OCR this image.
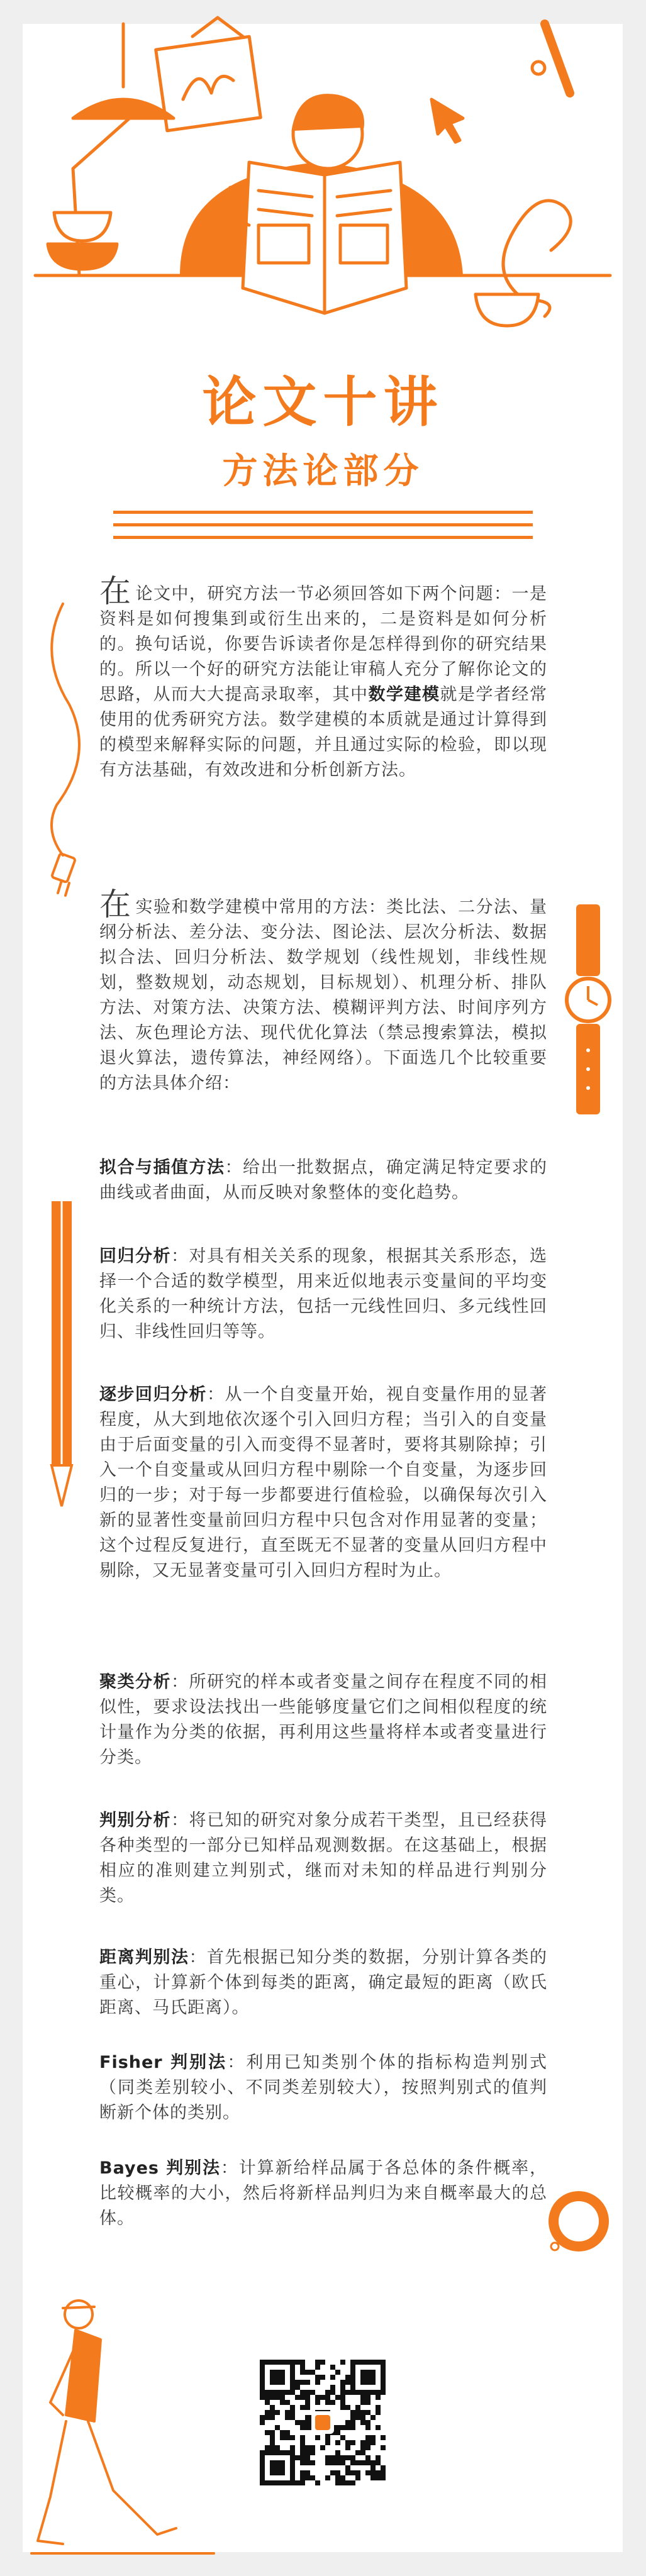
论文十讲
方法论部分

在论文中，研究方法一节必须回答如下两个问题：一是资料是如何搜集到或衍生出来的，二是资料是如何分析的。换句话说，你要告诉读者你是怎样得到你的研究结果的。所以一个好的研究方法能让审稿人充分了解你论文的思路，从而大大提高录取率，其中数学建模就是学者经常使用的优秀研究方法。数学建模的本质就是通过计算得到的模型来解释实际的问题，并且通过实际的检验，即以现有方法基础，有效改进和分析创新方法。

在实验和数学建模中常用的方法：类比法、二分法、量纲分析法、差分法、变分法、图论法、层次分析法、数据拟合法、回归分析法、数学规划（线性规划，非线性规划，整数规划，动态规划，目标规划）、机理分析、排队方法、对策方法、决策方法、模糊评判方法、时间序列方法、灰色理论方法、现代优化算法（禁忌搜索算法，模拟退火算法，遗传算法，神经网络）。下面选几个比较重要的方法具体介绍：

拟合与插值方法：给出一批数据点，确定满足特定要求的曲线或者曲面，从而反映对象整体的变化趋势。

回归分析：对具有相关关系的现象，根据其关系形态，选择一个合适的数学模型，用来近似地表示变量间的平均变化关系的一种统计方法，包括一元线性回归、多元线性回归、非线性回归等等。

逐步回归分析：从一个自变量开始，视自变量作用的显著程度，从大到地依次逐个引入回归方程；当引入的自变量由于后面变量的引入而变得不显著时，要将其剔除掉；引入一个自变量或从回归方程中剔除一个自变量，为逐步回归的一步；对于每一步都要进行值检验，以确保每次引入新的显著性变量前回归方程中只包含对作用显著的变量；这个过程反复进行，直至既无不显著的变量从回归方程中剔除，又无显著变量可引入回归方程时为止。

聚类分析：所研究的样本或者变量之间存在程度不同的相似性，要求设法找出一些能够度量它们之间相似程度的统计量作为分类的依据，再利用这些量将样本或者变量进行分类。

判别分析：将已知的研究对象分成若干类型，且已经获得各种类型的一部分已知样品观测数据。在这基础上，根据相应的准则建立判别式，继而对未知的样品进行判别分类。

距离判别法：首先根据已知分类的数据，分别计算各类的重心，计算新个体到每类的距离，确定最短的距离（欧氏距离、马氏距离）。

Fisher 判别法：利用已知类别个体的指标构造判别式（同类差别较小、不同类差别较大），按照判别式的值判断新个体的类别。

Bayes 判别法：计算新给样品属于各总体的条件概率，比较概率的大小，然后将新样品判归为来自概率最大的总体。
